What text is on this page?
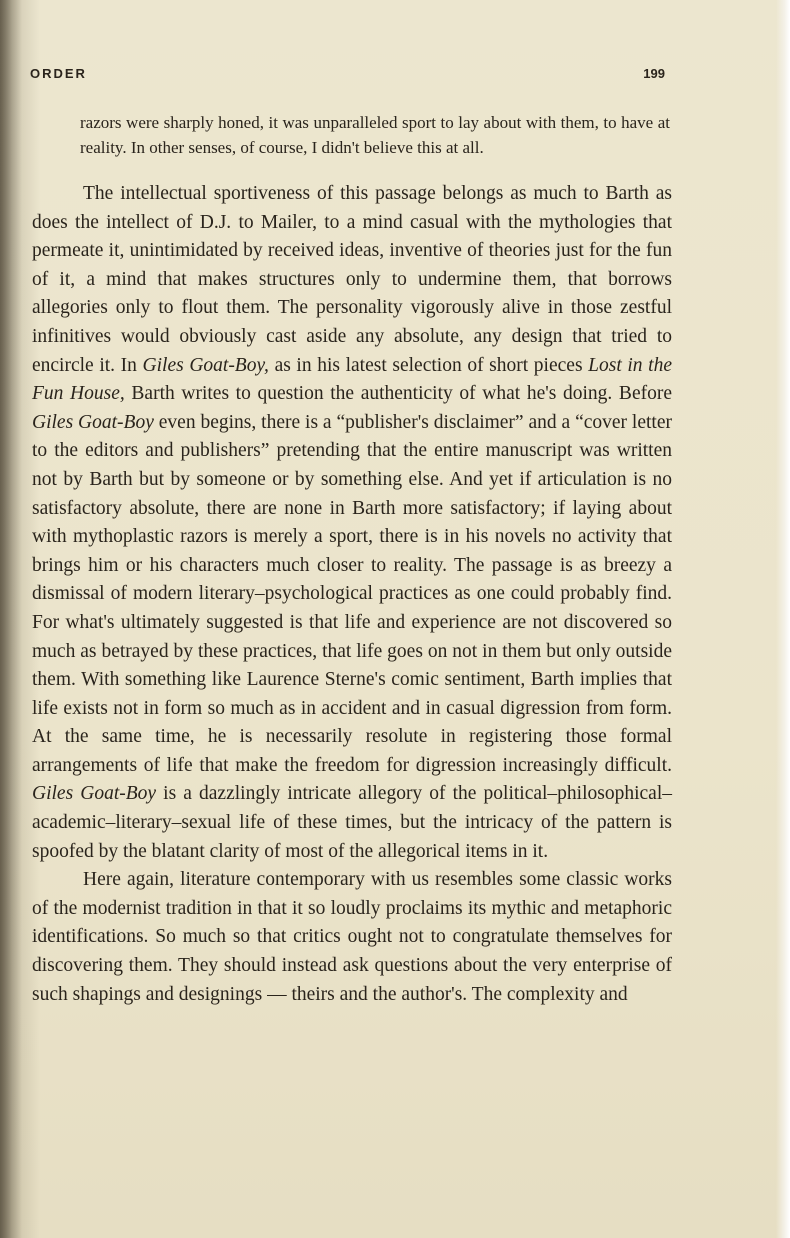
ORDER	199

razors were sharply honed, it was unparalleled sport to lay about with them, to have at reality. In other senses, of course, I didn't believe this at all.

The intellectual sportiveness of this passage belongs as much to Barth as does the intellect of D.J. to Mailer, to a mind casual with the mythologies that permeate it, unintimidated by received ideas, inventive of theories just for the fun of it, a mind that makes structures only to undermine them, that borrows allegories only to flout them. The personality vigorously alive in those zestful infinitives would obviously cast aside any absolute, any design that tried to encircle it. In Giles Goat-Boy, as in his latest selection of short pieces Lost in the Fun House, Barth writes to question the authenticity of what he's doing. Before Giles Goat-Boy even begins, there is a “publisher's disclaimer” and a “cover letter to the editors and publishers” pretending that the entire manuscript was written not by Barth but by someone or by something else. And yet if articulation is no satisfactory absolute, there are none in Barth more satisfactory; if laying about with mythoplastic razors is merely a sport, there is in his novels no activity that brings him or his characters much closer to reality. The passage is as breezy a dismissal of modern literary–psychological practices as one could probably find. For what's ultimately suggested is that life and experience are not discovered so much as betrayed by these practices, that life goes on not in them but only outside them. With something like Laurence Sterne's comic sentiment, Barth implies that life exists not in form so much as in accident and in casual digression from form. At the same time, he is necessarily resolute in registering those formal arrangements of life that make the freedom for digression increasingly difficult. Giles Goat-Boy is a dazzlingly intricate allegory of the political–philosophical–academic–literary–sexual life of these times, but the intricacy of the pattern is spoofed by the blatant clarity of most of the allegorical items in it.

Here again, literature contemporary with us resembles some classic works of the modernist tradition in that it so loudly proclaims its mythic and metaphoric identifications. So much so that critics ought not to congratulate themselves for discovering them. They should instead ask questions about the very enterprise of such shapings and designings — theirs and the author's. The complexity and
